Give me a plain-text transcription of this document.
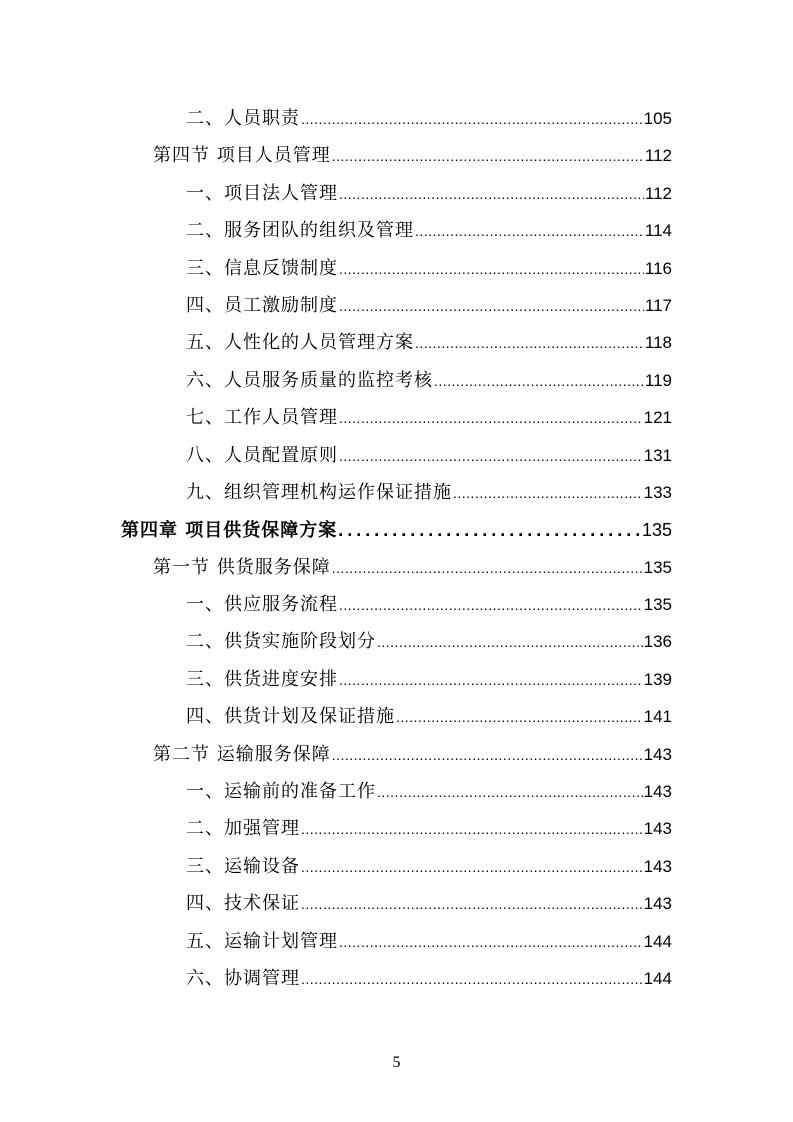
二、人员职责 .....	105
第四节 项目人员管理 .....	112
一、项目法人管理 .....	112
二、服务团队的组织及管理 .....	114
三、信息反馈制度 .....	116
四、员工激励制度 .....	117
五、人性化的人员管理方案 .....	118
六、人员服务质量的监控考核 .....	119
七、工作人员管理 .....	121
八、人员配置原则 .....	131
九、组织管理机构运作保证措施 .....	133
第四章 项目供货保障方案 .....	135
第一节 供货服务保障 .....	135
一、供应服务流程 .....	135
二、供货实施阶段划分 .....	136
三、供货进度安排 .....	139
四、供货计划及保证措施 .....	141
第二节 运输服务保障 .....	143
一、运输前的准备工作 .....	143
二、加强管理 .....	143
三、运输设备 .....	143
四、技术保证 .....	143
五、运输计划管理 .....	144
六、协调管理 .....	144
5
